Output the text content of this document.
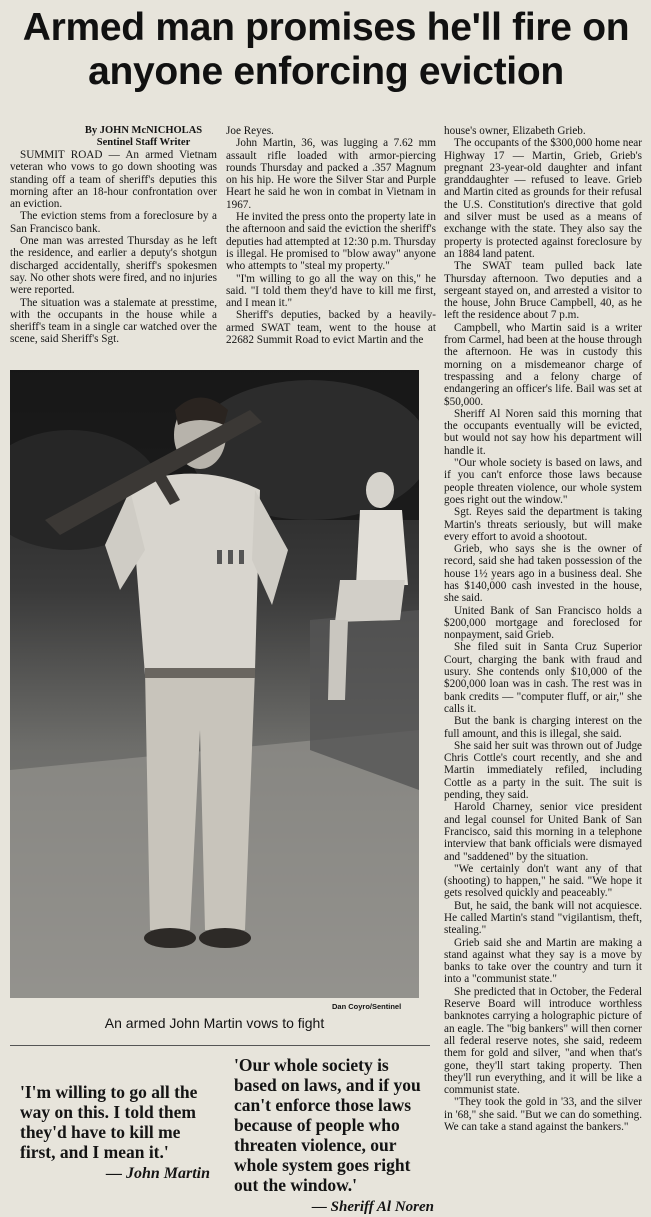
Armed man promises he'll fire on anyone enforcing eviction
By JOHN McNICHOLAS
Sentinel Staff Writer

SUMMIT ROAD — An armed Vietnam veteran who vows to go down shooting was standing off a team of sheriff's deputies this morning after an 18-hour confrontation over an eviction.

The eviction stems from a foreclosure by a San Francisco bank.

One man was arrested Thursday as he left the residence, and earlier a deputy's shotgun discharged accidentally, sheriff's spokesmen say. No other shots were fired, and no injuries were reported.

The situation was a stalemate at presstime, with the occupants in the house while a sheriff's team in a single car watched over the scene, said Sheriff's Sgt.

Joe Reyes.

John Martin, 36, was lugging a 7.62 mm assault rifle loaded with armor-piercing rounds Thursday and packed a .357 Magnum on his hip. He wore the Silver Star and Purple Heart he said he won in combat in Vietnam in 1967.

He invited the press onto the property late in the afternoon and said the eviction the sheriff's deputies had attempted at 12:30 p.m. Thursday is illegal. He promised to "blow away" anyone who attempts to "steal my property."

"I'm willing to go all the way on this," he said. "I told them they'd have to kill me first, and I mean it."

Sheriff's deputies, backed by a heavily-armed SWAT team, went to the house at 22682 Summit Road to evict Martin and the

house's owner, Elizabeth Grieb.

The occupants of the $300,000 home near Highway 17 — Martin, Grieb, Grieb's pregnant 23-year-old daughter and infant granddaughter — refused to leave. Grieb and Martin cited as grounds for their refusal the U.S. Constitution's directive that gold and silver must be used as a means of exchange with the state. They also say the property is protected against foreclosure by an 1884 land patent.

The SWAT team pulled back late Thursday afternoon. Two deputies and a sergeant stayed on, and arrested a visitor to the house, John Bruce Campbell, 40, as he left the residence about 7 p.m.

Campbell, who Martin said is a writer from Carmel, had been at the house through the afternoon. He was in custody this morning on a misdemeanor charge of trespassing and a felony charge of endangering an officer's life. Bail was set at $50,000.

Sheriff Al Noren said this morning that the occupants eventually will be evicted, but would not say how his department will handle it.

"Our whole society is based on laws, and if you can't enforce those laws because people threaten violence, our whole system goes right out the window."

Sgt. Reyes said the department is taking Martin's threats seriously, but will make every effort to avoid a shootout.

Grieb, who says she is the owner of record, said she had taken possession of the house 1½ years ago in a business deal. She has $140,000 cash invested in the house, she said.

United Bank of San Francisco holds a $200,000 mortgage and foreclosed for nonpayment, said Grieb.

She filed suit in Santa Cruz Superior Court, charging the bank with fraud and usury. She contends only $10,000 of the $200,000 loan was in cash. The rest was in bank credits — "computer fluff, or air," she calls it.

But the bank is charging interest on the full amount, and this is illegal, she said.

She said her suit was thrown out of Judge Chris Cottle's court recently, and she and Martin immediately refiled, including Cottle as a party in the suit. The suit is pending, they said.

Harold Charney, senior vice president and legal counsel for United Bank of San Francisco, said this morning in a telephone interview that bank officials were dismayed and "saddened" by the situation.

"We certainly don't want any of that (shooting) to happen," he said. "We hope it gets resolved quickly and peaceably."

But, he said, the bank will not acquiesce. He called Martin's stand "vigilantism, theft, stealing."

Grieb said she and Martin are making a stand against what they say is a move by banks to take over the country and turn it into a "communist state."

She predicted that in October, the Federal Reserve Board will introduce worthless banknotes carrying a holographic picture of an eagle. The "big bankers" will then corner all federal reserve notes, she said, redeem them for gold and silver, "and when that's gone, they'll start taking property. Then they'll run everything, and it will be like a communist state.

"They took the gold in '33, and the silver in '68," she said. "But we can do something. We can take a stand against the bankers."

Dan Coyro/Sentinel
An armed John Martin vows to fight
'I'm willing to go all the way on this. I told them they'd have to kill me first, and I mean it.'
— John Martin
'Our whole society is based on laws, and if you can't enforce those laws because of people who threaten violence, our whole system goes right out the window.'
— Sheriff Al Noren
